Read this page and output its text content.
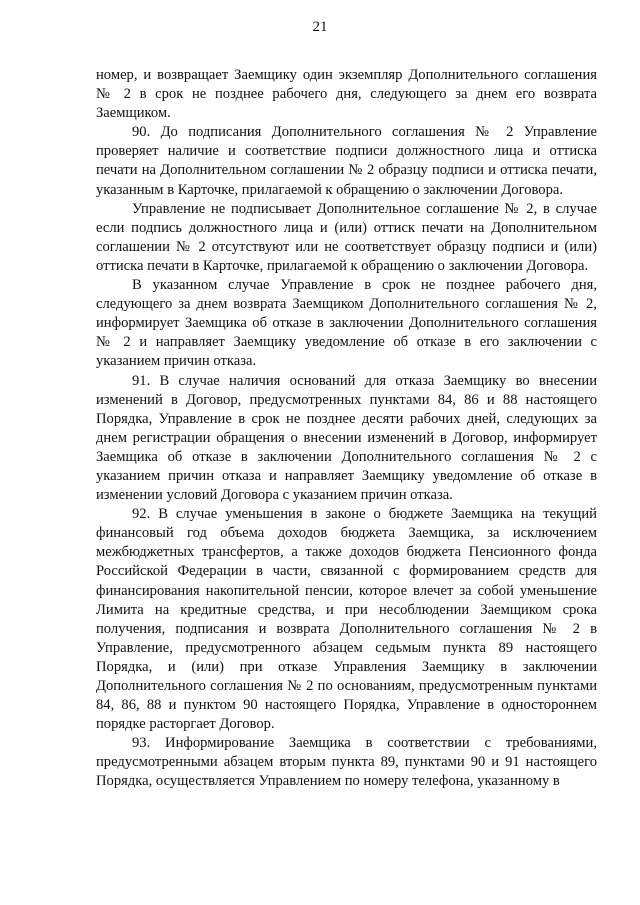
21

номер, и возвращает Заемщику один экземпляр Дополнительного соглашения № 2 в срок не позднее рабочего дня, следующего за днем его возврата Заемщиком.

90. До подписания Дополнительного соглашения № 2 Управление проверяет наличие и соответствие подписи должностного лица и оттиска печати на Дополнительном соглашении № 2 образцу подписи и оттиска печати, указанным в Карточке, прилагаемой к обращению о заключении Договора.

Управление не подписывает Дополнительное соглашение № 2, в случае если подпись должностного лица и (или) оттиск печати на Дополнительном соглашении № 2 отсутствуют или не соответствует образцу подписи и (или) оттиска печати в Карточке, прилагаемой к обращению о заключении Договора.

В указанном случае Управление в срок не позднее рабочего дня, следующего за днем возврата Заемщиком Дополнительного соглашения № 2, информирует Заемщика об отказе в заключении Дополнительного соглашения № 2 и направляет Заемщику уведомление об отказе в его заключении с указанием причин отказа.

91. В случае наличия оснований для отказа Заемщику во внесении изменений в Договор, предусмотренных пунктами 84, 86 и 88 настоящего Порядка, Управление в срок не позднее десяти рабочих дней, следующих за днем регистрации обращения о внесении изменений в Договор, информирует Заемщика об отказе в заключении Дополнительного соглашения № 2 с указанием причин отказа и направляет Заемщику уведомление об отказе в изменении условий Договора с указанием причин отказа.

92. В случае уменьшения в законе о бюджете Заемщика на текущий финансовый год объема доходов бюджета Заемщика, за исключением межбюджетных трансфертов, а также доходов бюджета Пенсионного фонда Российской Федерации в части, связанной с формированием средств для финансирования накопительной пенсии, которое влечет за собой уменьшение Лимита на кредитные средства, и при несоблюдении Заемщиком срока получения, подписания и возврата Дополнительного соглашения № 2 в Управление, предусмотренного абзацем седьмым пункта 89 настоящего Порядка, и (или) при отказе Управления Заемщику в заключении Дополнительного соглашения № 2 по основаниям, предусмотренным пунктами 84, 86, 88 и пунктом 90 настоящего Порядка, Управление в одностороннем порядке расторгает Договор.

93. Информирование Заемщика в соответствии с требованиями, предусмотренными абзацем вторым пункта 89, пунктами 90 и 91 настоящего Порядка, осуществляется Управлением по номеру телефона, указанному в
